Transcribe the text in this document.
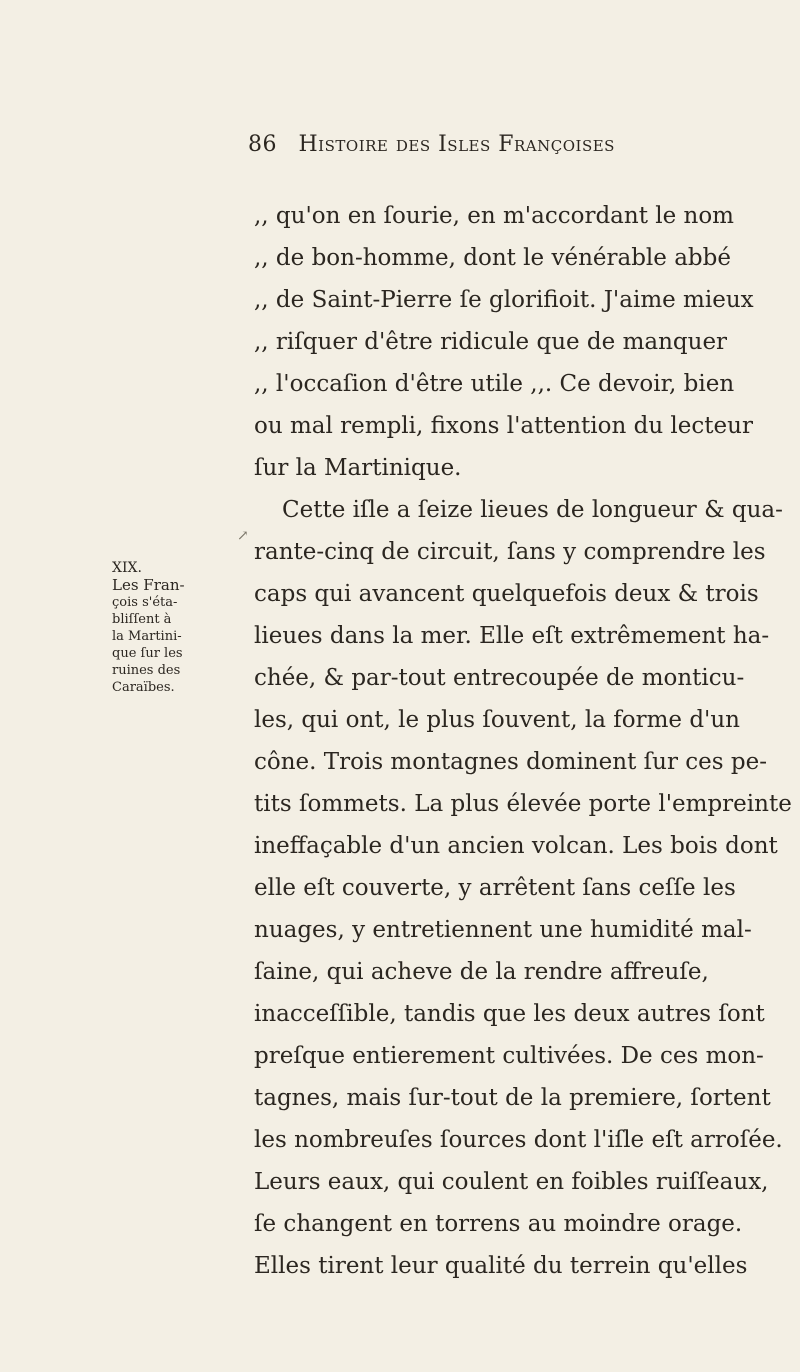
86 Histoire des Isles Françoises
↗
XIX.
Les Fran-
çois s'éta-
bliſſent à
la Martini-
que ſur les
ruines des
Caraïbes.
,, qu'on en ſourie, en m'accordant le nom
,, de bon-homme, dont le vénérable abbé
,, de Saint-Pierre ſe glorifioit. J'aime mieux
,, riſquer d'être ridicule que de manquer
,, l'occaſion d'être utile ,,. Ce devoir, bien
ou mal rempli, fixons l'attention du lecteur
ſur la Martinique.
Cette iſle a ſeize lieues de longueur & qua-
rante-cinq de circuit, ſans y comprendre les
caps qui avancent quelquefois deux & trois
lieues dans la mer. Elle eſt extrêmement ha-
chée, & par-tout entrecoupée de monticu-
les, qui ont, le plus ſouvent, la forme d'un
cône. Trois montagnes dominent ſur ces pe-
tits ſommets. La plus élevée porte l'empreinte
ineffaçable d'un ancien volcan. Les bois dont
elle eſt couverte, y arrêtent ſans ceſſe les
nuages, y entretiennent une humidité mal-
ſaine, qui acheve de la rendre affreuſe,
inacceſſible, tandis que les deux autres ſont
preſque entierement cultivées. De ces mon-
tagnes, mais ſur-tout de la premiere, ſortent
les nombreuſes ſources dont l'iſle eſt arroſée.
Leurs eaux, qui coulent en foibles ruiſſeaux,
ſe changent en torrens au moindre orage.
Elles tirent leur qualité du terrein qu'elles
